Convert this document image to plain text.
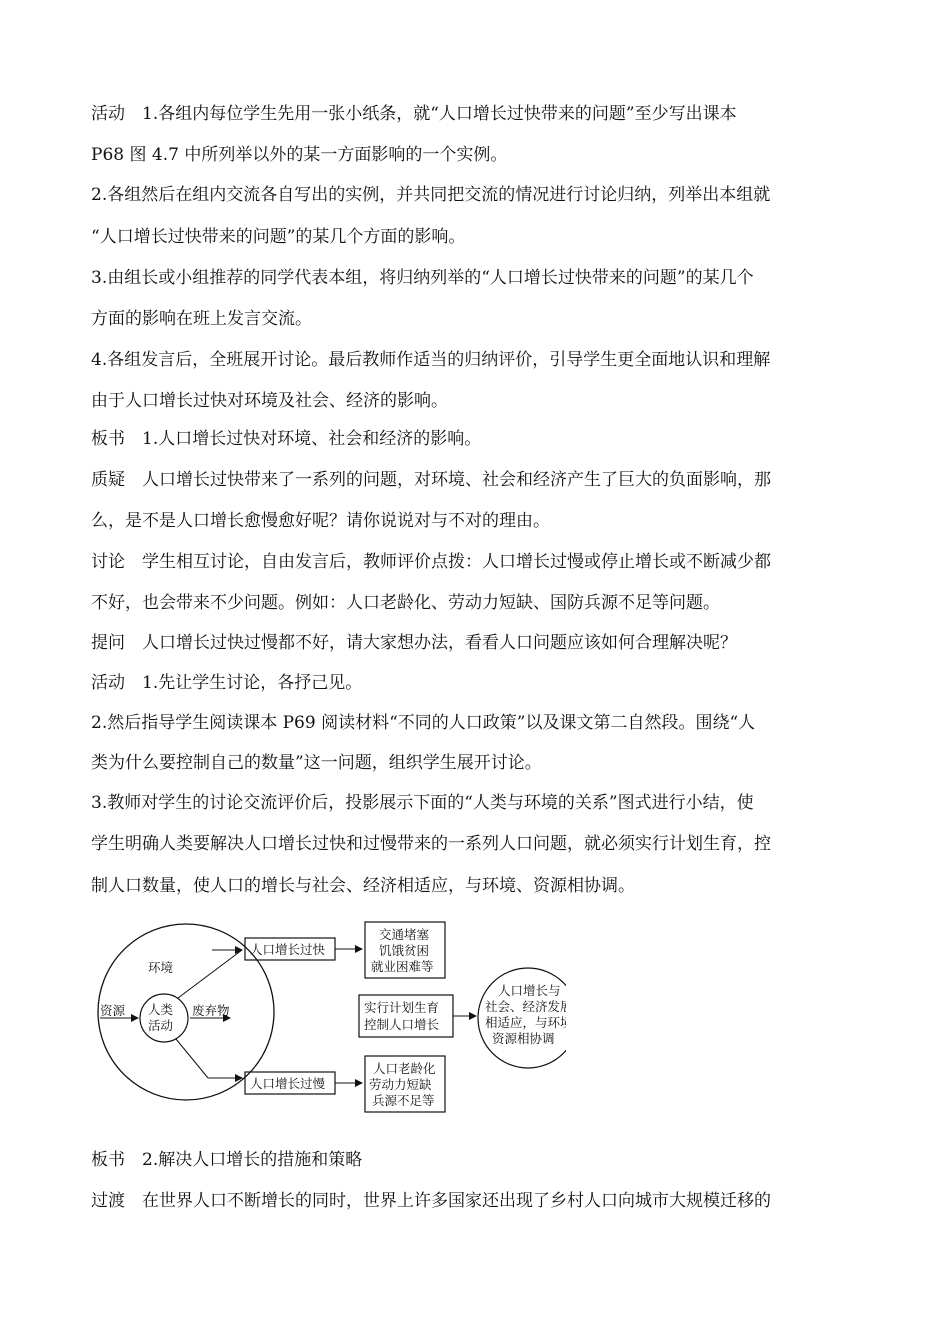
活动　1.各组内每位学生先用一张小纸条，就“人口增长过快带来的问题”至少写出课本
P68 图 4.7 中所列举以外的某一方面影响的一个实例。
2.各组然后在组内交流各自写出的实例，并共同把交流的情况进行讨论归纳，列举出本组就
“人口增长过快带来的问题”的某几个方面的影响。
3.由组长或小组推荐的同学代表本组，将归纳列举的“人口增长过快带来的问题”的某几个
方面的影响在班上发言交流。
4.各组发言后，全班展开讨论。最后教师作适当的归纳评价，引导学生更全面地认识和理解
由于人口增长过快对环境及社会、经济的影响。
板书　1.人口增长过快对环境、社会和经济的影响。
质疑　人口增长过快带来了一系列的问题，对环境、社会和经济产生了巨大的负面影响，那
么，是不是人口增长愈慢愈好呢？请你说说对与不对的理由。
讨论　学生相互讨论，自由发言后，教师评价点拨：人口增长过慢或停止增长或不断减少都
不好，也会带来不少问题。例如：人口老龄化、劳动力短缺、国防兵源不足等问题。
提问　人口增长过快过慢都不好，请大家想办法，看看人口问题应该如何合理解决呢？
活动　1.先让学生讨论，各抒己见。
2.然后指导学生阅读课本 P69 阅读材料“不同的人口政策”以及课文第二自然段。围绕“人
类为什么要控制自己的数量”这一问题，组织学生展开讨论。
3.教师对学生的讨论交流评价后，投影展示下面的“人类与环境的关系”图式进行小结，使
学生明确人类要解决人口增长过快和过慢带来的一系列人口问题，就必须实行计划生育，控
制人口数量，使人口的增长与社会、经济相适应，与环境、资源相协调。
板书　2.解决人口增长的措施和策略
过渡　在世界人口不断增长的同时，世界上许多国家还出现了乡村人口向城市大规模迁移的
环境
资源 人类
活动
废弃物
人口增长过快
交通堵塞
饥饿贫困
就业困难等
实行计划生育
控制人口增长
人口增长与
社会、经济发展
相适应，与环境
资源相协调
人口增长过慢
人口老龄化
劳动力短缺
兵源不足等
